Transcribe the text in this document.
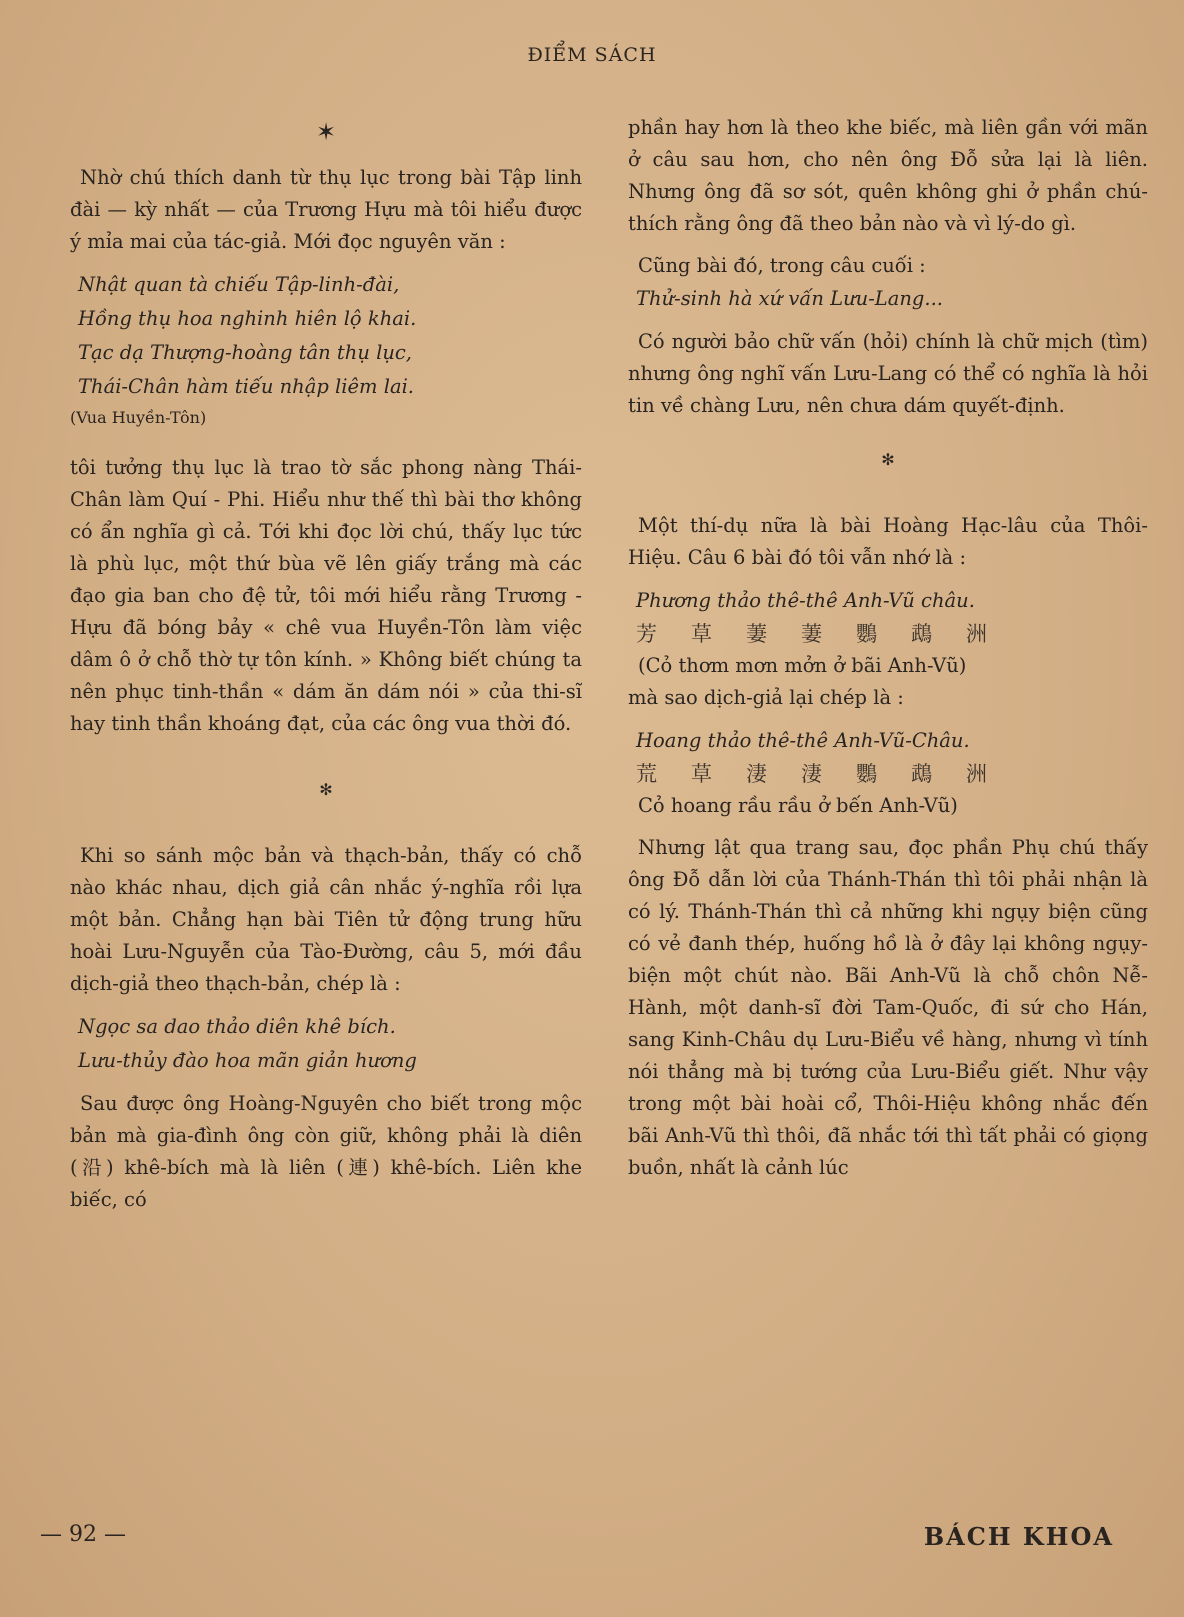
ĐIỂM SÁCH
✶

Nhờ chú thích danh từ thụ lục trong bài Tập linh đài — kỳ nhất — của Trương Hựu mà tôi hiểu được ý mỉa mai của tác-giả. Mới đọc nguyên văn :

Nhật quan tà chiếu Tập-linh-đài,

Hồng thụ hoa nghinh hiên lộ khai.

Tạc dạ Thượng-hoàng tân thụ lục,

Thái-Chân hàm tiếu nhập liêm lai.

(Vua Huyền-Tôn)

tôi tưởng thụ lục là trao tờ sắc phong nàng Thái-Chân làm Quí - Phi. Hiểu như thế thì bài thơ không có ẩn nghĩa gì cả. Tới khi đọc lời chú, thấy lục tức là phù lục, một thứ bùa vẽ lên giấy trắng mà các đạo gia ban cho đệ tử, tôi mới hiểu rằng Trương - Hựu đã bóng bảy « chê vua Huyền-Tôn làm việc dâm ô ở chỗ thờ tự tôn kính. » Không biết chúng ta nên phục tinh-thần « dám ăn dám nói » của thi-sĩ hay tinh thần khoáng đạt, của các ông vua thời đó.

✻

Khi so sánh mộc bản và thạch-bản, thấy có chỗ nào khác nhau, dịch giả cân nhắc ý-nghĩa rồi lựa một bản. Chẳng hạn bài Tiên tử động trung hữu hoài Lưu-Nguyễn của Tào-Đường, câu 5, mới đầu dịch-giả theo thạch-bản, chép là :

Ngọc sa dao thảo diên khê bích.

Lưu-thủy đào hoa mãn giản hương

Sau được ông Hoàng-Nguyên cho biết trong mộc bản mà gia-đình ông còn giữ, không phải là diên (沿) khê-bích mà là liên (連) khê-bích. Liên khe biếc, có

phần hay hơn là theo khe biếc, mà liên gần với mãn ở câu sau hơn, cho nên ông Đỗ sửa lại là liên. Nhưng ông đã sơ sót, quên không ghi ở phần chú-thích rằng ông đã theo bản nào và vì lý-do gì.

Cũng bài đó, trong câu cuối :

Thử-sinh hà xứ vấn Lưu-Lang...

Có người bảo chữ vấn (hỏi) chính là chữ mịch (tìm) nhưng ông nghĩ vấn Lưu-Lang có thể có nghĩa là hỏi tin về chàng Lưu, nên chưa dám quyết-định.

✻

Một thí-dụ nữa là bài Hoàng Hạc-lâu của Thôi-Hiệu. Câu 6 bài đó tôi vẫn nhớ là :

Phương thảo thê-thê Anh-Vũ châu.

芳草萋萋鸚鵡洲

(Cỏ thơm mơn mởn ở bãi Anh-Vũ)

mà sao dịch-giả lại chép là :

Hoang thảo thê-thê Anh-Vũ-Châu.

荒草淒淒鸚鵡洲

Cỏ hoang rầu rầu ở bến Anh-Vũ)

Nhưng lật qua trang sau, đọc phần Phụ chú thấy ông Đỗ dẫn lời của Thánh-Thán thì tôi phải nhận là có lý. Thánh-Thán thì cả những khi ngụy biện cũng có vẻ đanh thép, huống hồ là ở đây lại không ngụy-biện một chút nào. Bãi Anh-Vũ là chỗ chôn Nễ-Hành, một danh-sĩ đời Tam-Quốc, đi sứ cho Hán, sang Kinh-Châu dụ Lưu-Biểu về hàng, nhưng vì tính nói thẳng mà bị tướng của Lưu-Biểu giết. Như vậy trong một bài hoài cổ, Thôi-Hiệu không nhắc đến bãi Anh-Vũ thì thôi, đã nhắc tới thì tất phải có giọng buồn, nhất là cảnh lúc

— 92 —	BÁCH KHOA
